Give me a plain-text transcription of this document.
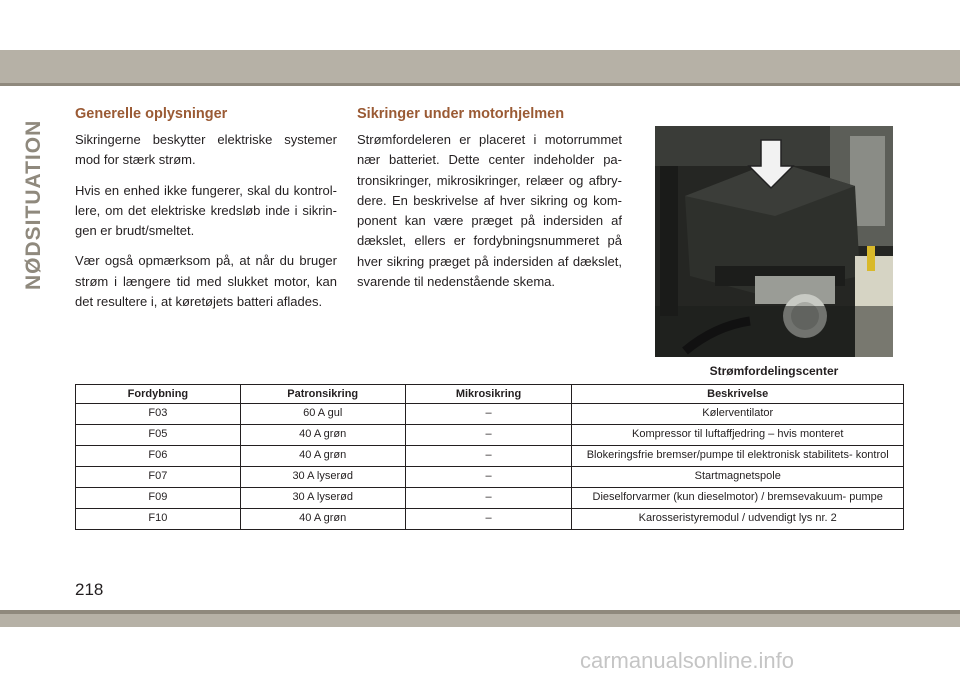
NØDSITUATION
Generelle oplysninger

Sikringerne beskytter elektriske systemer mod for stærk strøm.

Hvis en enhed ikke fungerer, skal du kontrollere, om det elektriske kredsløb inde i sikringen er brudt/smeltet.

Vær også opmærksom på, at når du bruger strøm i længere tid med slukket motor, kan det resultere i, at køretøjets batteri aflades.

Sikringer under motorhjelmen

Strømfordeleren er placeret i motorrummet nær batteriet. Dette center indeholder patronsikringer, mikrosikringer, relæer og afbrydere. En beskrivelse af hver sikring og komponent kan være præget på indersiden af dækslet, ellers er fordybningsnummeret på hver sikring præget på indersiden af dækslet, svarende til nedenstående skema.

Strømfordelingscenter
Fordybning	Patronsikring	Mikrosikring	Beskrivelse
F03	60 A gul	–	Kølerventilator
F05	40 A grøn	–	Kompressor til luftaffjedring – hvis monteret
F06	40 A grøn	–	Blokeringsfrie bremser/pumpe til elektronisk stabilitets- kontrol
F07	30 A lyserød	–	Startmagnetspole
F09	30 A lyserød	–	Dieselforvarmer (kun dieselmotor) / bremsevakuum- pumpe
F10	40 A grøn	–	Karosseristyremodul / udvendigt lys nr. 2
218
carmanualsonline.info
